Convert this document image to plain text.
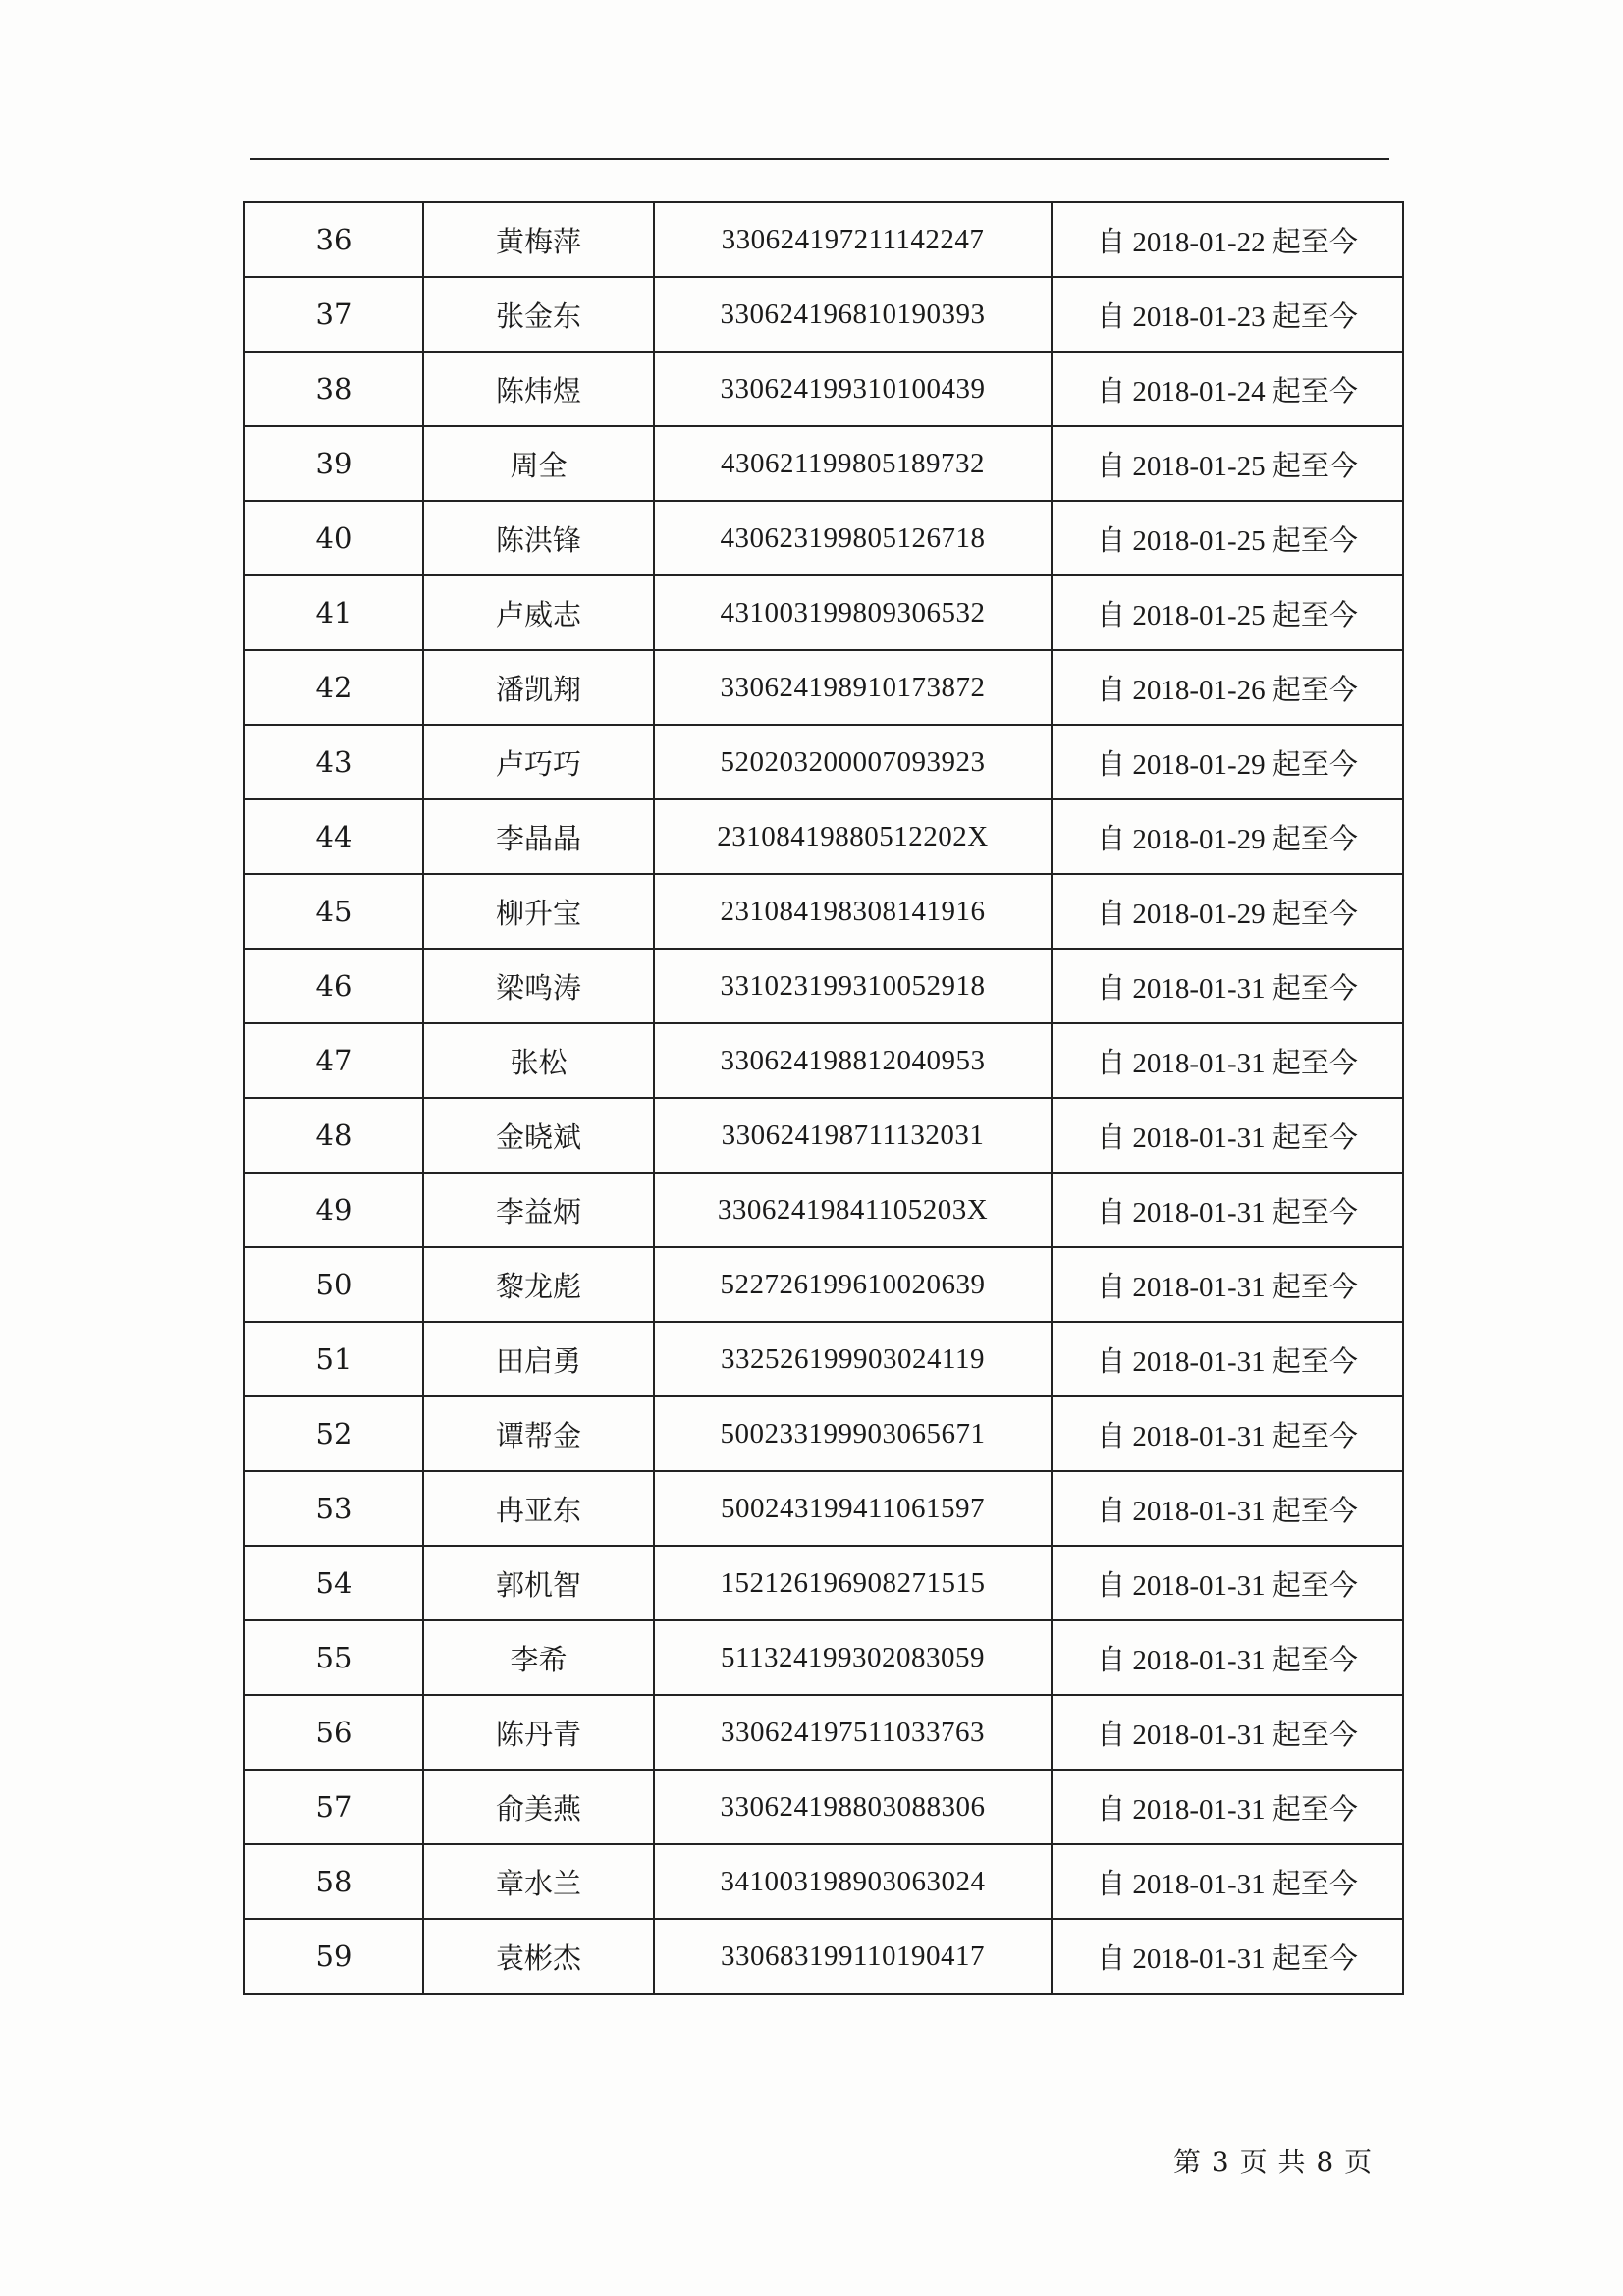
36	黄梅萍	330624197211142247	自 2018-01-22 起至今
37	张金东	330624196810190393	自 2018-01-23 起至今
38	陈炜煜	330624199310100439	自 2018-01-24 起至今
39	周全	430621199805189732	自 2018-01-25 起至今
40	陈洪锋	430623199805126718	自 2018-01-25 起至今
41	卢威志	431003199809306532	自 2018-01-25 起至今
42	潘凯翔	330624198910173872	自 2018-01-26 起至今
43	卢巧巧	520203200007093923	自 2018-01-29 起至今
44	李晶晶	23108419880512202X	自 2018-01-29 起至今
45	柳升宝	231084198308141916	自 2018-01-29 起至今
46	梁鸣涛	331023199310052918	自 2018-01-31 起至今
47	张松	330624198812040953	自 2018-01-31 起至今
48	金晓斌	330624198711132031	自 2018-01-31 起至今
49	李益炳	33062419841105203X	自 2018-01-31 起至今
50	黎龙彪	522726199610020639	自 2018-01-31 起至今
51	田启勇	332526199903024119	自 2018-01-31 起至今
52	谭帮金	500233199903065671	自 2018-01-31 起至今
53	冉亚东	500243199411061597	自 2018-01-31 起至今
54	郭机智	152126196908271515	自 2018-01-31 起至今
55	李希	511324199302083059	自 2018-01-31 起至今
56	陈丹青	330624197511033763	自 2018-01-31 起至今
57	俞美燕	330624198803088306	自 2018-01-31 起至今
58	章水兰	341003198903063024	自 2018-01-31 起至今
59	袁彬杰	330683199110190417	自 2018-01-31 起至今
第 3 页 共 8 页
